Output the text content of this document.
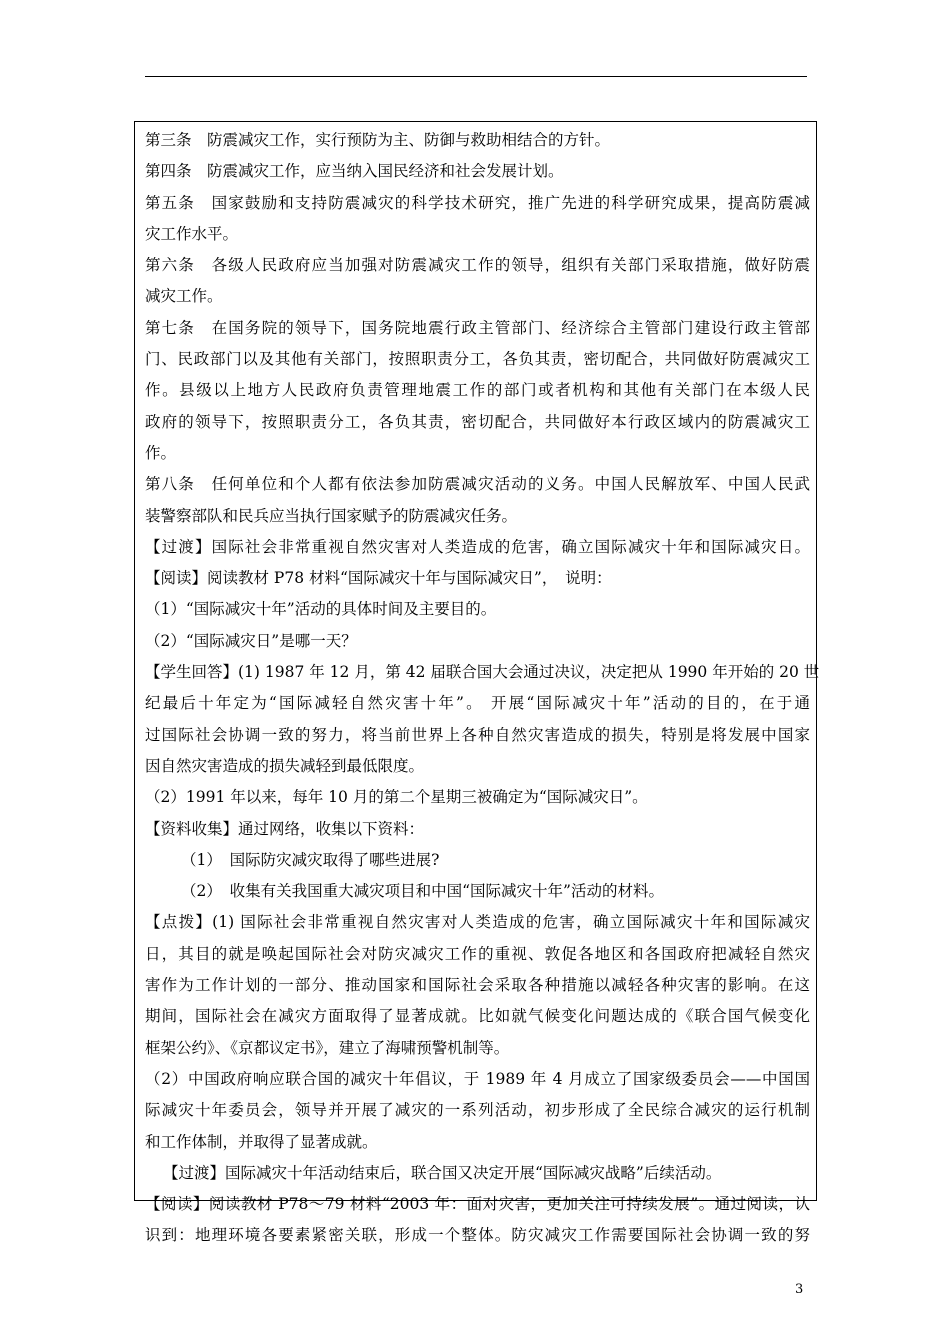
第三条　防震减灾工作，实行预防为主、防御与救助相结合的方针。
第四条　防震减灾工作，应当纳入国民经济和社会发展计划。
第五条　国家鼓励和支持防震减灾的科学技术研究，推广先进的科学研究成果，提高防震减
灾工作水平。
第六条　各级人民政府应当加强对防震减灾工作的领导，组织有关部门采取措施，做好防震
减灾工作。
第七条　在国务院的领导下，国务院地震行政主管部门、经济综合主管部门建设行政主管部
门、民政部门以及其他有关部门，按照职责分工，各负其责，密切配合，共同做好防震减灾工
作。县级以上地方人民政府负责管理地震工作的部门或者机构和其他有关部门在本级人民
政府的领导下，按照职责分工，各负其责，密切配合，共同做好本行政区域内的防震减灾工
作。
第八条　任何单位和个人都有依法参加防震减灾活动的义务。中国人民解放军、中国人民武
装警察部队和民兵应当执行国家赋予的防震减灾任务。
【过渡】国际社会非常重视自然灾害对人类造成的危害，确立国际减灾十年和国际减灾日。
【阅读】阅读教材 P78 材料“国际减灾十年与国际减灾日”，　说明：
（1）“国际减灾十年”活动的具体时间及主要目的。
（2）“国际减灾日”是哪一天？
【学生回答】(1) 1987 年 12 月，第 42 届联合国大会通过决议，决定把从 1990 年开始的 20 世
纪最后十年定为“国际减轻自然灾害十年”。 开展“国际减灾十年”活动的目的，在于通
过国际社会协调一致的努力，将当前世界上各种自然灾害造成的损失，特别是将发展中国家
因自然灾害造成的损失减轻到最低限度。
（2）1991 年以来，每年 10 月的第二个星期三被确定为“国际减灾日”。
【资料收集】通过网络，收集以下资料：
（1）　国际防灾减灾取得了哪些进展?
（2）　收集有关我国重大减灾项目和中国“国际减灾十年”活动的材料。
【点拨】(1) 国际社会非常重视自然灾害对人类造成的危害，确立国际减灾十年和国际减灾
日，其目的就是唤起国际社会对防灾减灾工作的重视、敦促各地区和各国政府把减轻自然灾
害作为工作计划的一部分、推动国家和国际社会采取各种措施以减轻各种灾害的影响。在这
期间，国际社会在减灾方面取得了显著成就。比如就气候变化问题达成的《联合国气候变化
框架公约》、《京都议定书》，建立了海啸预警机制等。
（2）中国政府响应联合国的减灾十年倡议，于 1989 年 4 月成立了国家级委员会——中国国
际减灾十年委员会，领导并开展了减灾的一系列活动，初步形成了全民综合减灾的运行机制
和工作体制，并取得了显著成就。
【过渡】国际减灾十年活动结束后，联合国又决定开展“国际减灾战略”后续活动。
【阅读】阅读教材 P78～79 材料“2003 年：面对灾害，更加关注可持续发展”。通过阅读，认
识到：地理环境各要素紧密关联，形成一个整体。防灾减灾工作需要国际社会协调一致的努
3
